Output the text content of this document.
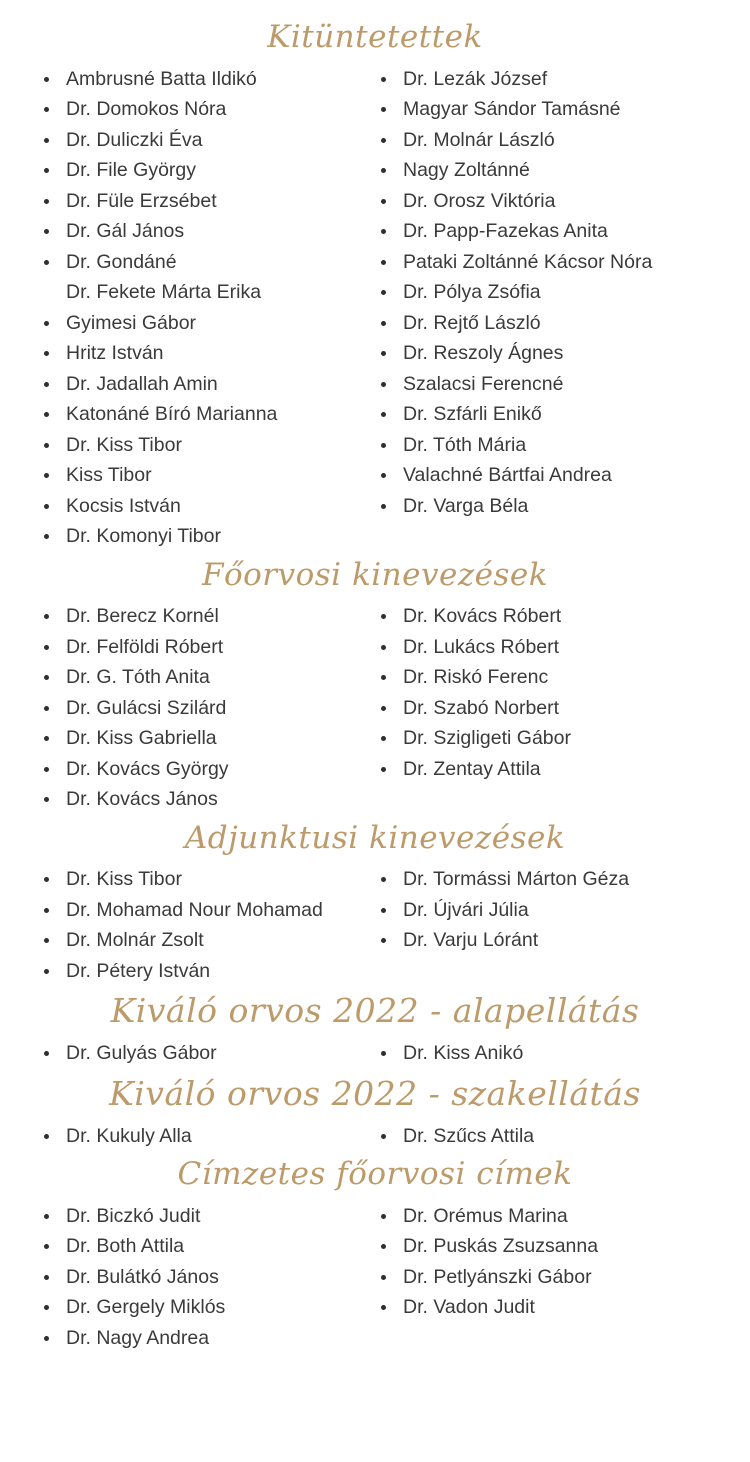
Kitüntetettek
Ambrusné Batta Ildikó
Dr. Domokos Nóra
Dr. Duliczki Éva
Dr. File György
Dr. Füle Erzsébet
Dr. Gál János
Dr. Gondáné
Dr. Fekete Márta Erika
Gyimesi Gábor
Hritz István
Dr. Jadallah Amin
Katonáné Bíró Marianna
Dr. Kiss Tibor
Kiss Tibor
Kocsis István
Dr. Komonyi Tibor
Dr. Lezák József
Magyar Sándor Tamásné
Dr. Molnár László
Nagy Zoltánné
Dr. Orosz Viktória
Dr. Papp-Fazekas Anita
Pataki Zoltánné Kácsor Nóra
Dr. Pólya Zsófia
Dr. Rejtő László
Dr. Reszoly Ágnes
Szalacsi Ferencné
Dr. Szfárli Enikő
Dr. Tóth Mária
Valachné Bártfai Andrea
Dr. Varga Béla
Főorvosi kinevezések
Dr. Berecz Kornél
Dr. Felföldi Róbert
Dr. G. Tóth Anita
Dr. Gulácsi Szilárd
Dr. Kiss Gabriella
Dr. Kovács György
Dr. Kovács János
Dr. Kovács Róbert
Dr. Lukács Róbert
Dr. Riskó Ferenc
Dr. Szabó Norbert
Dr. Szigligeti Gábor
Dr. Zentay Attila
Adjunktusi kinevezések
Dr. Kiss Tibor
Dr. Mohamad Nour Mohamad
Dr. Molnár Zsolt
Dr. Pétery István
Dr. Tormássi Márton Géza
Dr. Újvári Júlia
Dr. Varju Lóránt
Kiváló orvos 2022 - alapellátás
Dr. Gulyás Gábor	Dr. Kiss Anikó
Kiváló orvos 2022 - szakellátás
Dr. Kukuly Alla	Dr. Szűcs Attila
Címzetes főorvosi címek
Dr. Biczkó Judit
Dr. Both Attila
Dr. Bulátkó János
Dr. Gergely Miklós
Dr. Nagy Andrea
Dr. Orémus Marina
Dr. Puskás Zsuzsanna
Dr. Petlyánszki Gábor
Dr. Vadon Judit
